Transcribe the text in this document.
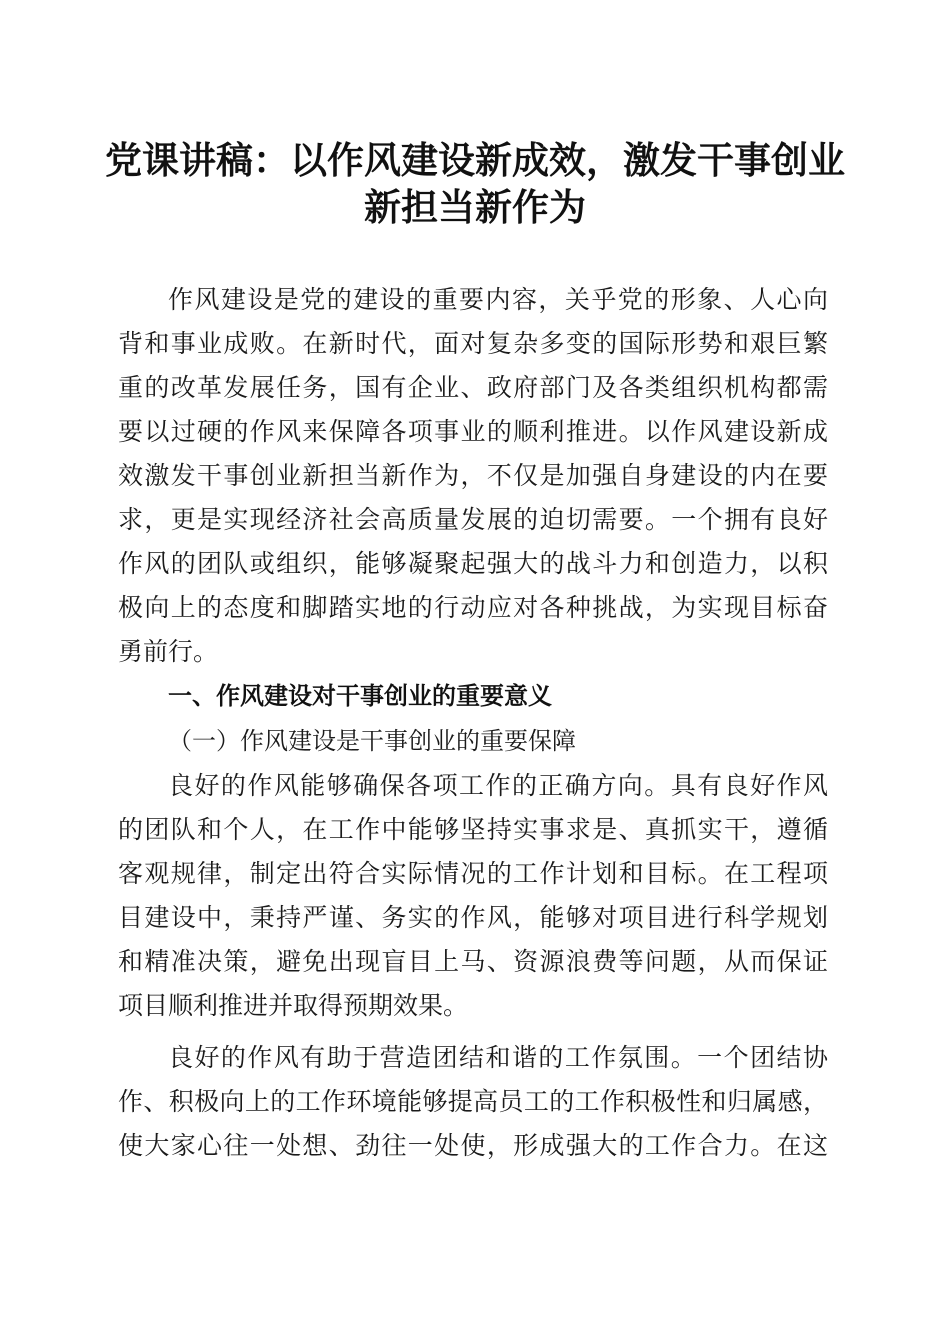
党课讲稿：以作风建设新成效，激发干事创业
新担当新作为
作风建设是党的建设的重要内容，关乎党的形象、人心向
背和事业成败。在新时代，面对复杂多变的国际形势和艰巨繁
重的改革发展任务，国有企业、政府部门及各类组织机构都需
要以过硬的作风来保障各项事业的顺利推进。以作风建设新成
效激发干事创业新担当新作为，不仅是加强自身建设的内在要
求，更是实现经济社会高质量发展的迫切需要。一个拥有良好
作风的团队或组织，能够凝聚起强大的战斗力和创造力，以积
极向上的态度和脚踏实地的行动应对各种挑战，为实现目标奋
勇前行。
一、作风建设对干事创业的重要意义
（一）作风建设是干事创业的重要保障
良好的作风能够确保各项工作的正确方向。具有良好作风
的团队和个人，在工作中能够坚持实事求是、真抓实干，遵循
客观规律，制定出符合实际情况的工作计划和目标。在工程项
目建设中，秉持严谨、务实的作风，能够对项目进行科学规划
和精准决策，避免出现盲目上马、资源浪费等问题，从而保证
项目顺利推进并取得预期效果。
良好的作风有助于营造团结和谐的工作氛围。一个团结协
作、积极向上的工作环境能够提高员工的工作积极性和归属感，
使大家心往一处想、劲往一处使，形成强大的工作合力。在这
